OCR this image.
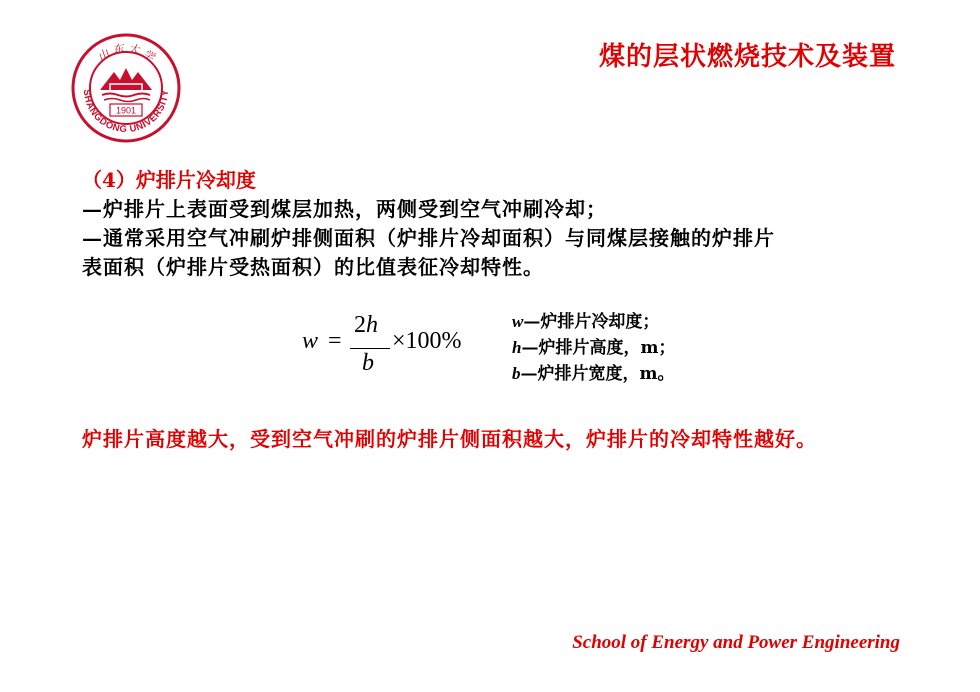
SHANGDONG UNIVERSITY
山 东 大 学
1901
煤的层状燃烧技术及装置
（4）炉排片冷却度
—炉排片上表面受到煤层加热，两侧受到空气冲刷冷却；
—通常采用空气冲刷炉排侧面积（炉排片冷却面积）与同煤层接触的炉排片
表面积（炉排片受热面积）的比值表征冷却特性。
w =
2h
b
×100%
w—炉排片冷却度；
h—炉排片高度，m；
b—炉排片宽度，m。
炉排片高度越大，受到空气冲刷的炉排片侧面积越大，炉排片的冷却特性越好。
School of Energy and Power Engineering
